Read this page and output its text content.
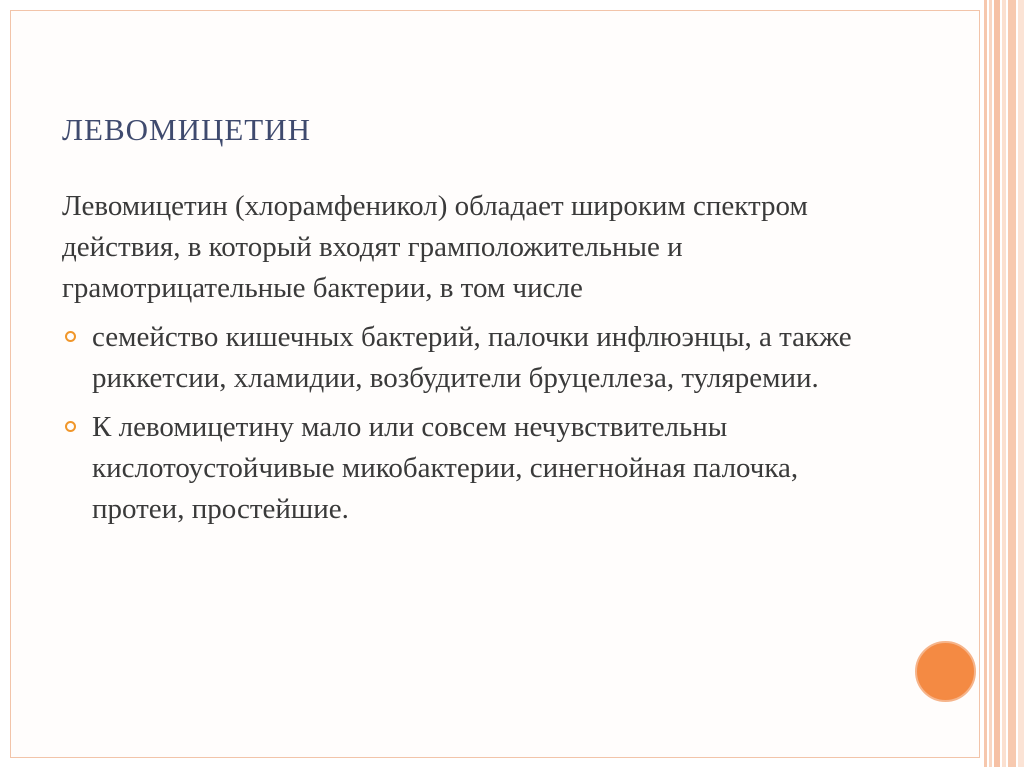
ЛЕВОМИЦЕТИН

Левомицетин (хлорамфеникол) обладает широким спектром действия, в который входят грамположительные и грамотрицательные бактерии, в том числе

семейство кишечных бактерий, палочки инфлюэнцы, а также риккетсии, хламидии, возбудители бруцеллеза, туляремии.
К левомицетину мало или совсем нечувствительны кислотоустойчивые микобактерии, синегнойная палочка, протеи, простейшие.
